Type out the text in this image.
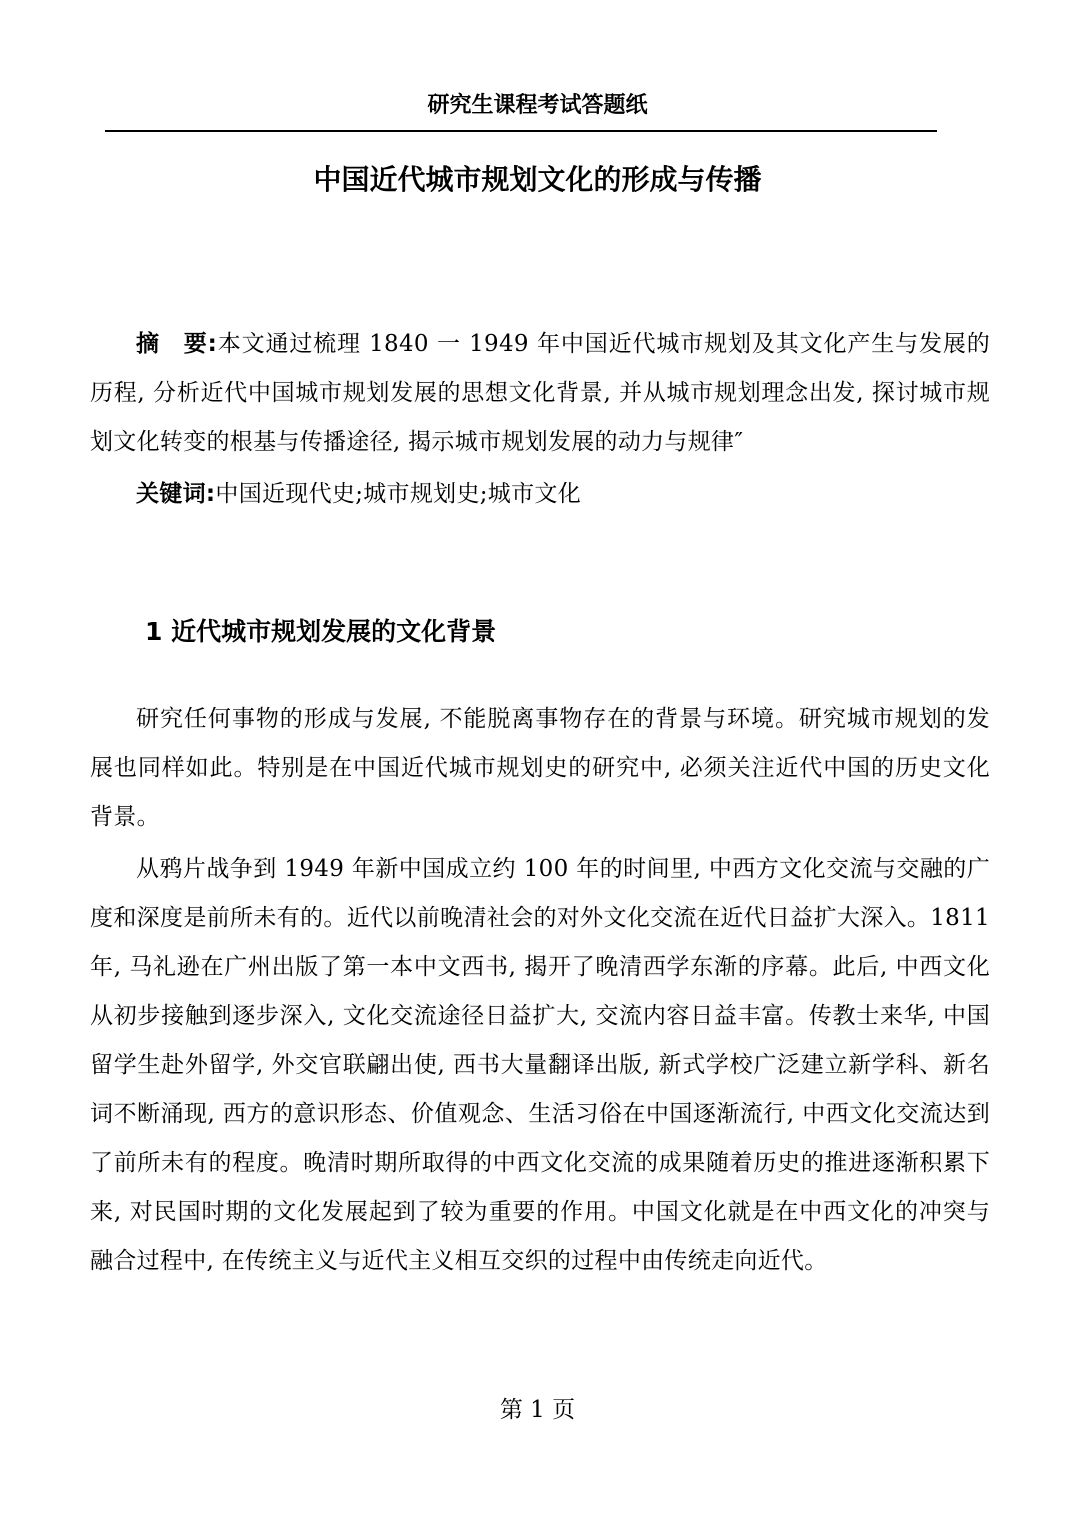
研究生课程考试答题纸
中国近代城市规划文化的形成与传播

摘　要:本文通过梳理 1840 一 1949 年中国近代城市规划及其文化产生与发展的历程, 分析近代中国城市规划发展的思想文化背景, 并从城市规划理念出发, 探讨城市规划文化转变的根基与传播途径, 揭示城市规划发展的动力与规律″

关键词:中国近现代史;城市规划史;城市文化

1 近代城市规划发展的文化背景

研究任何事物的形成与发展, 不能脱离事物存在的背景与环境。研究城市规划的发展也同样如此。特别是在中国近代城市规划史的研究中, 必须关注近代中国的历史文化背景。

从鸦片战争到 1949 年新中国成立约 100 年的时间里, 中西方文化交流与交融的广度和深度是前所未有的。近代以前晚清社会的对外文化交流在近代日益扩大深入。1811 年, 马礼逊在广州出版了第一本中文西书, 揭开了晚清西学东渐的序幕。此后, 中西文化从初步接触到逐步深入, 文化交流途径日益扩大, 交流内容日益丰富。传教士来华, 中国留学生赴外留学, 外交官联翩出使, 西书大量翻译出版, 新式学校广泛建立新学科、新名词不断涌现, 西方的意识形态、价值观念、生活习俗在中国逐渐流行, 中西文化交流达到了前所未有的程度。晚清时期所取得的中西文化交流的成果随着历史的推进逐渐积累下来, 对民国时期的文化发展起到了较为重要的作用。中国文化就是在中西文化的冲突与融合过程中, 在传统主义与近代主义相互交织的过程中由传统走向近代。

第 1 页
